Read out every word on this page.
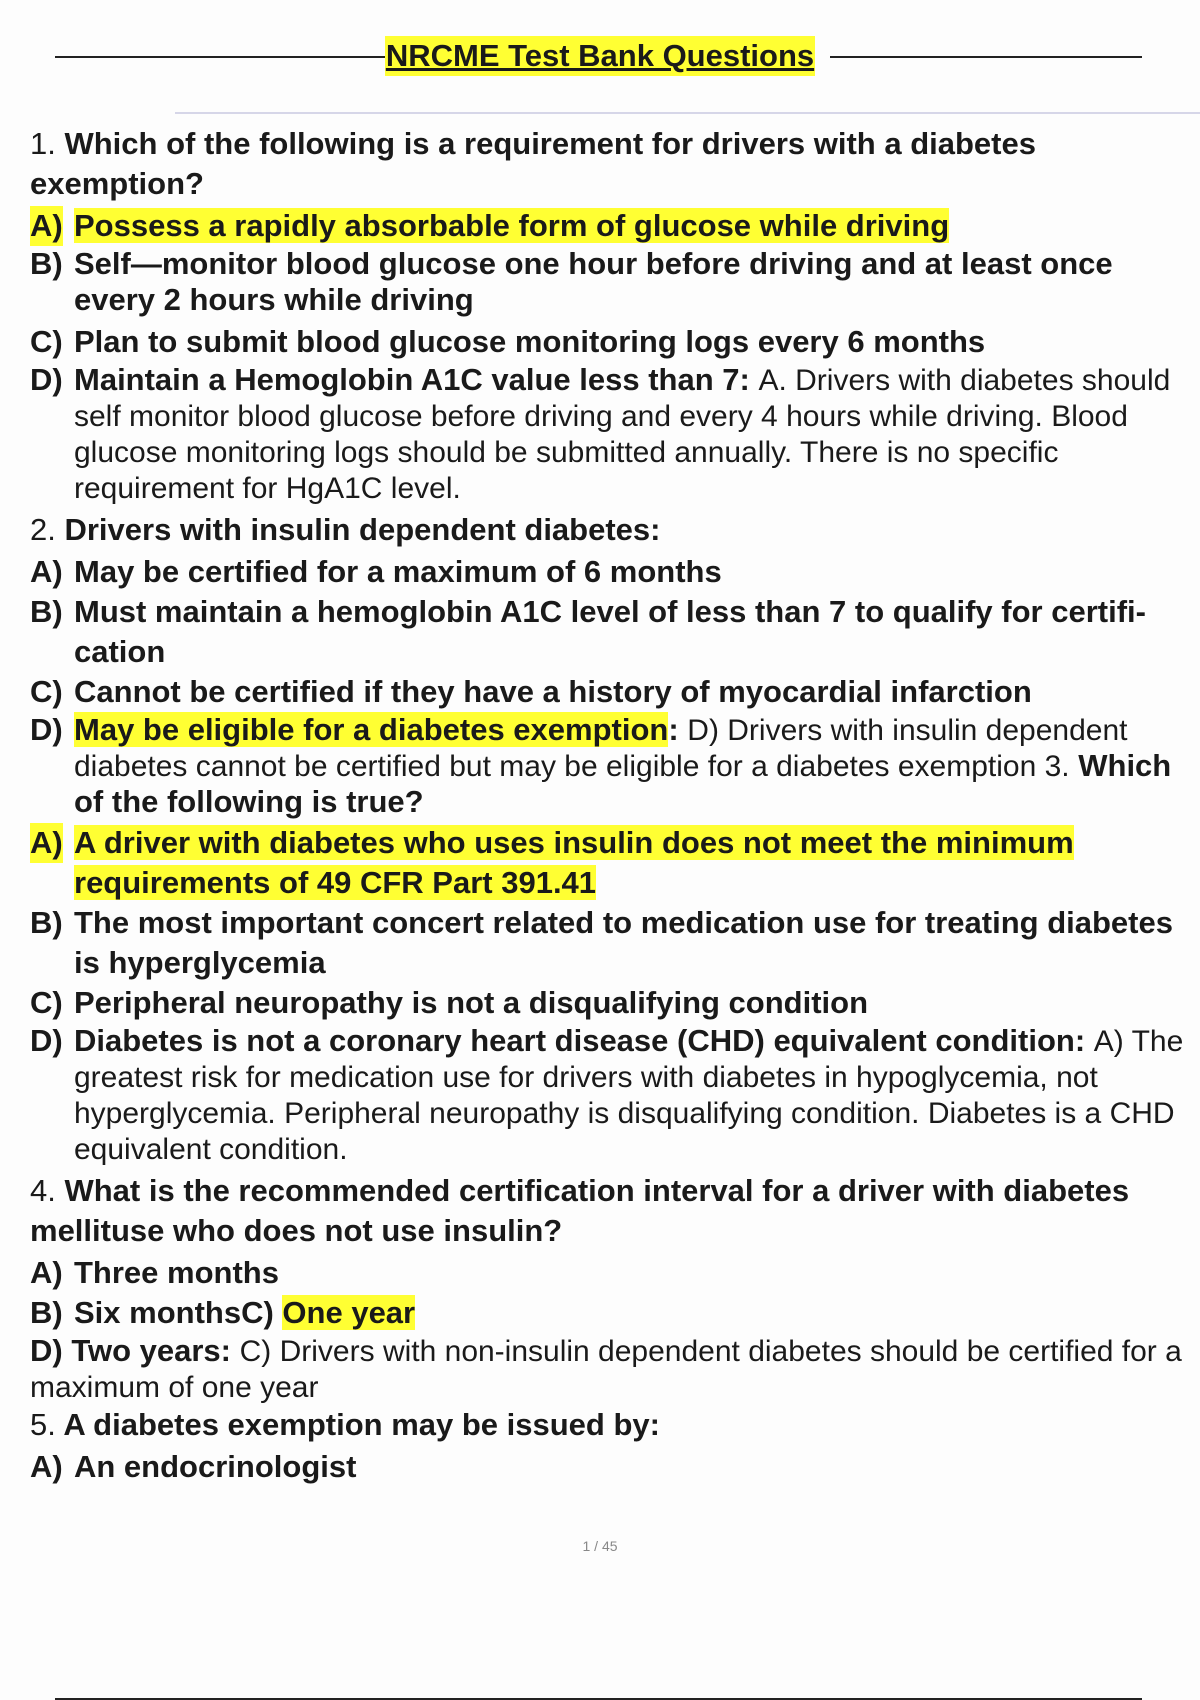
NRCME Test Bank Questions
1. Which of the following is a requirement for drivers with a diabetes exemption?
A) Possess a rapidly absorbable form of glucose while driving
B) Self—monitor blood glucose one hour before driving and at least once every 2 hours while driving
C) Plan to submit blood glucose monitoring logs every 6 months
D) Maintain a Hemoglobin A1C value less than 7: A. Drivers with diabetes should self monitor blood glucose before driving and every 4 hours while driving. Blood glucose monitoring logs should be submitted annually. There is no specific requirement for HgA1C level.
2. Drivers with insulin dependent diabetes:
A) May be certified for a maximum of 6 months
B) Must maintain a hemoglobin A1C level of less than 7 to qualify for certifi-cation
C) Cannot be certified if they have a history of myocardial infarction
D) May be eligible for a diabetes exemption: D) Drivers with insulin dependent diabetes cannot be certified but may be eligible for a diabetes exemption 3. Which of the following is true?
A) A driver with diabetes who uses insulin does not meet the minimum requirements of 49 CFR Part 391.41
B) The most important concert related to medication use for treating diabetes is hyperglycemia
C) Peripheral neuropathy is not a disqualifying condition
D) Diabetes is not a coronary heart disease (CHD) equivalent condition: A) The greatest risk for medication use for drivers with diabetes in hypoglycemia, not hyperglycemia. Peripheral neuropathy is disqualifying condition. Diabetes is a CHD equivalent condition.
4. What is the recommended certification interval for a driver with diabetes mellituse who does not use insulin?
A) Three months
B) Six monthsC) One year
D) Two years: C) Drivers with non-insulin dependent diabetes should be certified for a maximum of one year
5. A diabetes exemption may be issued by:
A) An endocrinologist
1 / 45
